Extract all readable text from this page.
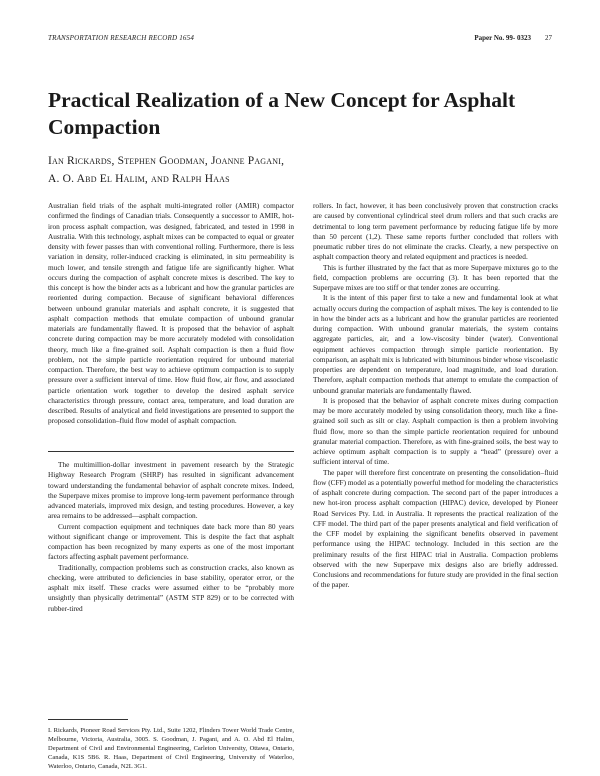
TRANSPORTATION RESEARCH RECORD 1654	Paper No. 99- 0323 27
Practical Realization of a New Concept for Asphalt Compaction
Ian Rickards, Stephen Goodman, Joanne Pagani,
A. O. Abd El Halim, and Ralph Haas

Australian field trials of the asphalt multi-integrated roller (AMIR) compactor confirmed the findings of Canadian trials. Consequently a successor to AMIR, hot-iron process asphalt compaction, was designed, fabricated, and tested in 1998 in Australia. With this technology, asphalt mixes can be compacted to equal or greater density with fewer passes than with conventional rolling. Furthermore, there is less variation in density, roller-induced cracking is eliminated, in situ permeability is much lower, and tensile strength and fatigue life are significantly higher. What occurs during the compaction of asphalt concrete mixes is described. The key to this concept is how the binder acts as a lubricant and how the granular particles are reoriented during compaction. Because of significant behavioral differences between unbound granular materials and asphalt concrete, it is suggested that asphalt compaction methods that emulate compaction of unbound granular materials are fundamentally flawed. It is proposed that the behavior of asphalt concrete during compaction may be more accurately modeled with consolidation theory, much like a fine-grained soil. Asphalt compaction is then a fluid flow problem, not the simple particle reorientation required for unbound material compaction. Therefore, the best way to achieve optimum compaction is to supply pressure over a sufficient interval of time. How fluid flow, air flow, and associated particle orientation work together to develop the desired asphalt service characteristics through pressure, contact area, temperature, and load duration are described. Results of analytical and field investigations are presented to support the proposed consolidation–fluid flow model of asphalt compaction.

The multimillion-dollar investment in pavement research by the Strategic Highway Research Program (SHRP) has resulted in significant advancement toward understanding the fundamental behavior of asphalt concrete mixes. Indeed, the Superpave mixes promise to improve long-term pavement performance through advanced materials, improved mix design, and testing procedures. However, a key area remains to be addressed—asphalt compaction.

Current compaction equipment and techniques date back more than 80 years without significant change or improvement. This is despite the fact that asphalt compaction has been recognized by many experts as one of the most important factors affecting asphalt pavement performance.

Traditionally, compaction problems such as construction cracks, also known as checking, were attributed to deficiencies in base stability, operator error, or the asphalt mix itself. These cracks were assumed either to be “probably more unsightly than physically detrimental” (ASTM STP 829) or to be corrected with rubber-tired

I. Rickards, Pioneer Road Services Pty. Ltd., Suite 1202, Flinders Tower World Trade Centre, Melbourne, Victoria, Australia, 3005. S. Goodman, J. Pagani, and A. O. Abd El Halim, Department of Civil and Environmental Engineering, Carleton University, Ottawa, Ontario, Canada, K1S 5B6. R. Haas, Department of Civil Engineering, University of Waterloo, Waterloo, Ontario, Canada, N2L 3G1.

rollers. In fact, however, it has been conclusively proven that construction cracks are caused by conventional cylindrical steel drum rollers and that such cracks are detrimental to long term pavement performance by reducing fatigue life by more than 50 percent (1,2). These same reports further concluded that rollers with pneumatic rubber tires do not eliminate the cracks. Clearly, a new perspective on asphalt compaction theory and related equipment and practices is needed.

This is further illustrated by the fact that as more Superpave mixtures go to the field, compaction problems are occurring (3). It has been reported that the Superpave mixes are too stiff or that tender zones are occurring.

It is the intent of this paper first to take a new and fundamental look at what actually occurs during the compaction of asphalt mixes. The key is contended to lie in how the binder acts as a lubricant and how the granular particles are reoriented during compaction. With unbound granular materials, the system contains aggregate particles, air, and a low-viscosity binder (water). Conventional equipment achieves compaction through simple particle reorientation. By comparison, an asphalt mix is lubricated with bituminous binder whose viscoelastic properties are dependent on temperature, load magnitude, and load duration. Therefore, asphalt compaction methods that attempt to emulate the compaction of unbound granular materials are fundamentally flawed.

It is proposed that the behavior of asphalt concrete mixes during compaction may be more accurately modeled by using consolidation theory, much like a fine-grained soil such as silt or clay. Asphalt compaction is then a problem involving fluid flow, more so than the simple particle reorientation required for unbound granular material compaction. Therefore, as with fine-grained soils, the best way to achieve optimum asphalt compaction is to supply a “head” (pressure) over a sufficient interval of time.

The paper will therefore first concentrate on presenting the consolidation–fluid flow (CFF) model as a potentially powerful method for modeling the characteristics of asphalt concrete during compaction. The second part of the paper introduces a new hot-iron process asphalt compaction (HIPAC) device, developed by Pioneer Road Services Pty. Ltd. in Australia. It represents the practical realization of the CFF model. The third part of the paper presents analytical and field verification of the CFF model by explaining the significant benefits observed in pavement performance using the HIPAC technology. Included in this section are the preliminary results of the first HIPAC trial in Australia. Compaction problems observed with the new Superpave mix designs also are briefly addressed. Conclusions and recommendations for future study are provided in the final section of the paper.
